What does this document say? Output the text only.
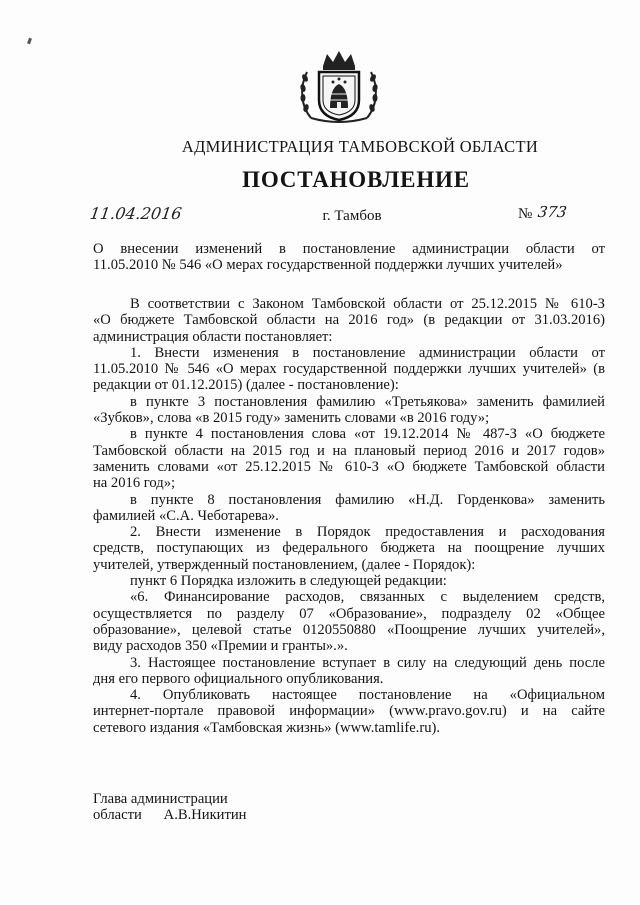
АДМИНИСТРАЦИЯ ТАМБОВСКОЙ ОБЛАСТИ
ПОСТАНОВЛЕНИЕ
11.04.2016	г. Тамбов	№ 373
О внесении изменений в постановление администрации области от
11.05.2010 № 546 «О мерах государственной поддержки лучших учителей»
В соответствии с Законом Тамбовской области от 25.12.2015 № 610-З
«О бюджете Тамбовской области на 2016 год» (в редакции от 31.03.2016)
администрация области постановляет:
1. Внести изменения в постановление администрации области от
11.05.2010 № 546 «О мерах государственной поддержки лучших учителей» (в
редакции от 01.12.2015) (далее - постановление):
в пункте 3 постановления фамилию «Третьякова» заменить фамилией
«Зубков», слова «в 2015 году» заменить словами «в 2016 году»;
в пункте 4 постановления слова «от 19.12.2014 № 487-З «О бюджете
Тамбовской области на 2015 год и на плановый период 2016 и 2017 годов»
заменить словами «от 25.12.2015 № 610-З «О бюджете Тамбовской области
на 2016 год»;
в пункте 8 постановления фамилию «Н.Д. Горденкова» заменить
фамилией «С.А. Чеботарева».
2. Внести изменение в Порядок предоставления и расходования
средств, поступающих из федерального бюджета на поощрение лучших
учителей, утвержденный постановлением, (далее - Порядок):
пункт 6 Порядка изложить в следующей редакции:
«6. Финансирование расходов, связанных с выделением средств,
осуществляется по разделу 07 «Образование», подразделу 02 «Общее
образование», целевой статье 0120550880 «Поощрение лучших учителей»,
виду расходов 350 «Премии и гранты».».
3. Настоящее постановление вступает в силу на следующий день после
дня его первого официального опубликования.
4. Опубликовать настоящее постановление на «Официальном
интернет-портале правовой информации» (www.pravo.gov.ru) и на сайте
сетевого издания «Тамбовская жизнь» (www.tamlife.ru).
Глава администрации
области      А.В.Никитин
